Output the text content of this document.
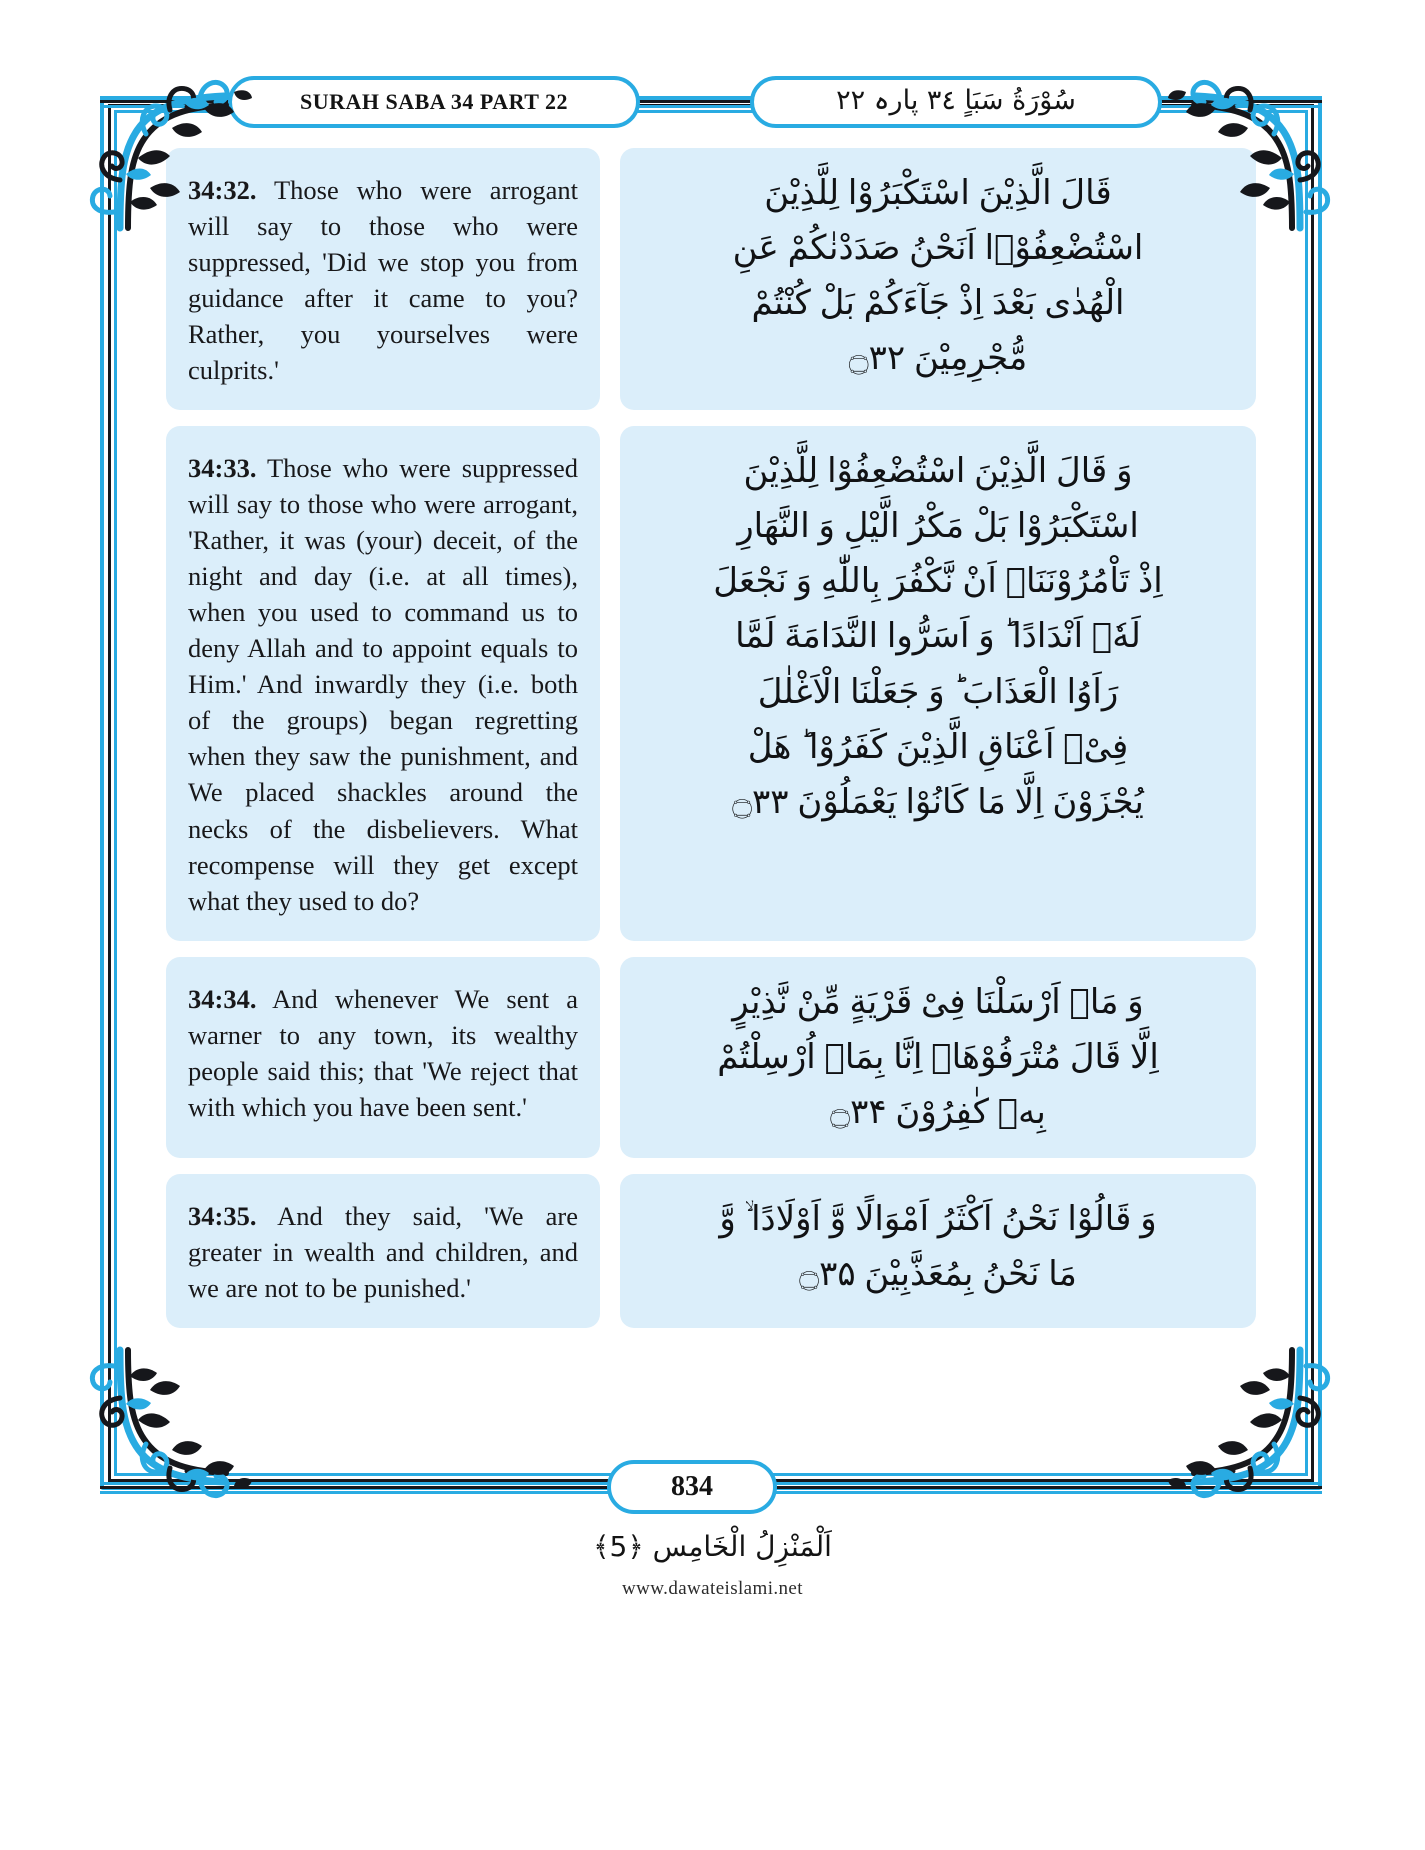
SURAH SABA 34 PART 22	سُوْرَةُ سَبَاٍ ٣٤ پارہ ٢٢
34:32. Those who were arrogant will say to those who were suppressed, 'Did we stop you from guidance after it came to you? Rather, you yourselves were culprits.'
قَالَ الَّذِیْنَ اسْتَكْبَرُوْا لِلَّذِیْنَ
اسْتُضْعِفُوْۤا اَنَحْنُ صَدَدْنٰكُمْ عَنِ
الْهُدٰى بَعْدَ اِذْ جَآءَكُمْ بَلْ كُنْتُمْ
مُّجْرِمِیْنَ ۝۳۲
34:33. Those who were suppressed will say to those who were arrogant, 'Rather, it was (your) deceit, of the night and day (i.e. at all times), when you used to command us to deny Allah and to appoint equals to Him.' And inwardly they (i.e. both of the groups) began regretting when they saw the punishment, and We placed shackles around the necks of the disbelievers. What recompense will they get except what they used to do?
وَ قَالَ الَّذِیْنَ اسْتُضْعِفُوْا لِلَّذِیْنَ
اسْتَكْبَرُوْا بَلْ مَكْرُ الَّیْلِ وَ النَّهَارِ
اِذْ تَاْمُرُوْنَنَاۤ اَنْ نَّكْفُرَ بِاللّٰهِ وَ نَجْعَلَ
لَهٗۤ اَنْدَادًا ؕ وَ اَسَرُّوا النَّدَامَةَ لَمَّا
رَاَوُا الْعَذَابَ ؕ وَ جَعَلْنَا الْاَغْلٰلَ
فِیْۤ اَعْنَاقِ الَّذِیْنَ كَفَرُوْا ؕ هَلْ
یُجْزَوْنَ اِلَّا مَا كَانُوْا یَعْمَلُوْنَ ۝۳۳
34:34. And whenever We sent a warner to any town, its wealthy people said this; that 'We reject that with which you have been sent.'
وَ مَاۤ اَرْسَلْنَا فِیْ قَرْیَةٍ مِّنْ نَّذِیْرٍ
اِلَّا قَالَ مُتْرَفُوْهَاۤ اِنَّا بِمَاۤ اُرْسِلْتُمْ
بِهٖ كٰفِرُوْنَ ۝۳۴
34:35. And they said, 'We are greater in wealth and children, and we are not to be punished.'
وَ قَالُوْا نَحْنُ اَكْثَرُ اَمْوَالًا وَّ اَوْلَادًا ۙ وَّ
مَا نَحْنُ بِمُعَذَّبِیْنَ ۝۳۵
834
اَلْمَنْزِلُ الْخَامِس ﴿5﴾
www.dawateislami.net
